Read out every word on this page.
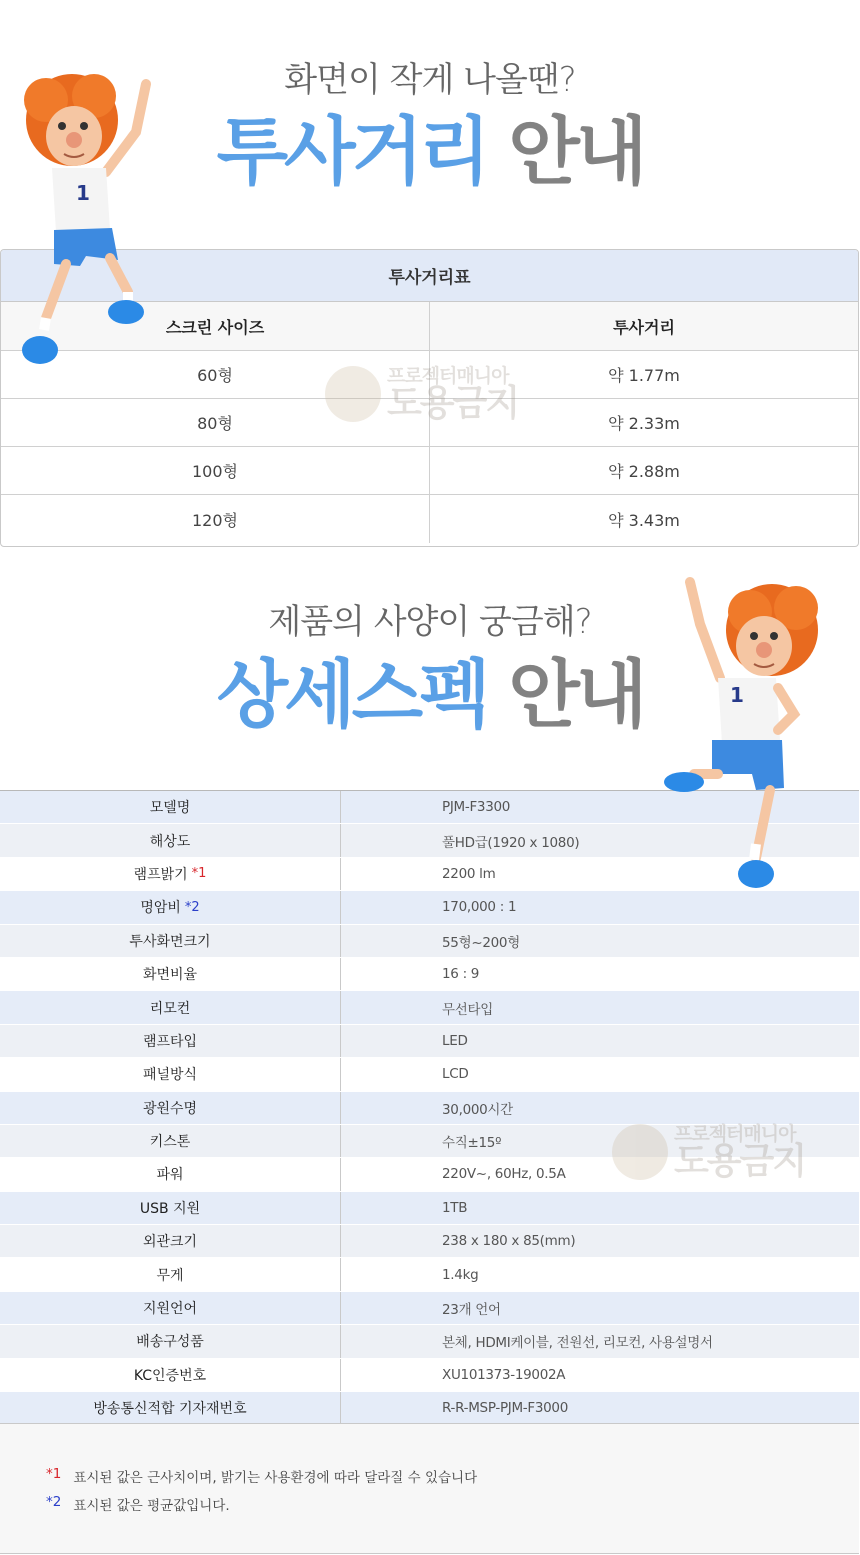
화면이 작게 나올땐?
투사거리 안내
투사거리표
스크린 사이즈	투사거리
60형	약 1.77m
80형	약 2.33m
100형	약 2.88m
120형	약 3.43m
프로젝터매니아
도용금지
제품의 사양이 궁금해?
상세스펙 안내
모델명	PJM-F3300
해상도	풀HD급(1920 x 1080)
램프밝기 *1	2200 lm
명암비 *2	170,000 : 1
투사화면크기	55형~200형
화면비율	16 : 9
리모컨	무선타입
램프타입	LED
패널방식	LCD
광원수명	30,000시간
키스톤	수직±15º
파워	220V~, 60Hz, 0.5A
USB 지원	1TB
외관크기	238 x 180 x 85(mm)
무게	1.4kg
지원언어	23개 언어
배송구성품	본체, HDMI케이블, 전원선, 리모컨, 사용설명서
KC인증번호	XU101373-19002A
방송통신적합 기자재번호	R-R-MSP-PJM-F3000
프로젝터매니아
도용금지
*1 표시된 값은 근사치이며, 밝기는 사용환경에 따라 달라질 수 있습니다
*2 표시된 값은 평균값입니다.
1
1
